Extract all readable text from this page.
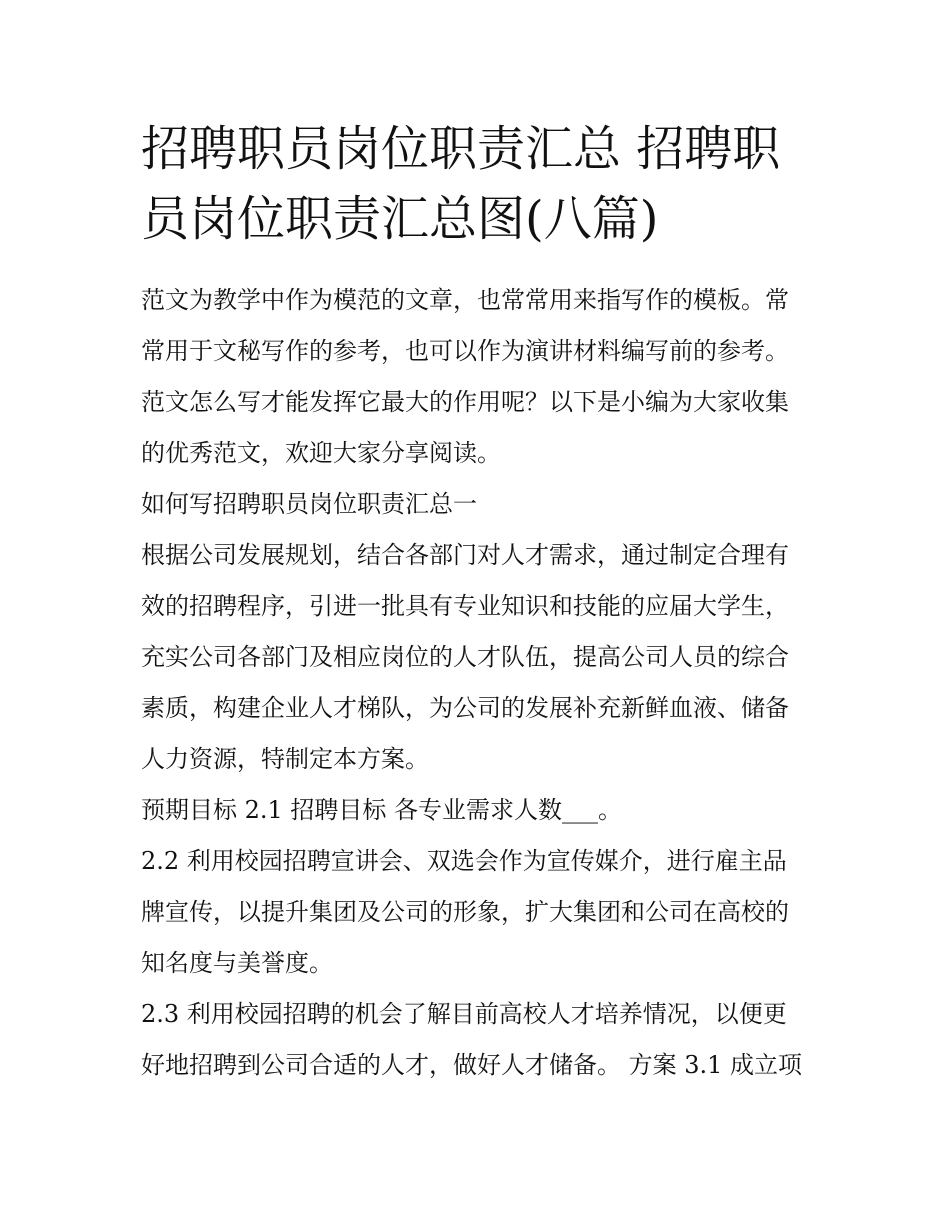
招聘职员岗位职责汇总 招聘职
员岗位职责汇总图(八篇)

范文为教学中作为模范的文章，也常常用来指写作的模板。常
常用于文秘写作的参考，也可以作为演讲材料编写前的参考。
范文怎么写才能发挥它最大的作用呢？以下是小编为大家收集
的优秀范文，欢迎大家分享阅读。

如何写招聘职员岗位职责汇总一

根据公司发展规划，结合各部门对人才需求，通过制定合理有
效的招聘程序，引进一批具有专业知识和技能的应届大学生，
充实公司各部门及相应岗位的人才队伍，提高公司人员的综合
素质，构建企业人才梯队，为公司的发展补充新鲜血液、储备
人力资源，特制定本方案。

预期目标 2.1 招聘目标 各专业需求人数___。

2.2 利用校园招聘宣讲会、双选会作为宣传媒介，进行雇主品
牌宣传，以提升集团及公司的形象，扩大集团和公司在高校的
知名度与美誉度。

2.3 利用校园招聘的机会了解目前高校人才培养情况，以便更
好地招聘到公司合适的人才，做好人才储备。 方案 3.1 成立项
